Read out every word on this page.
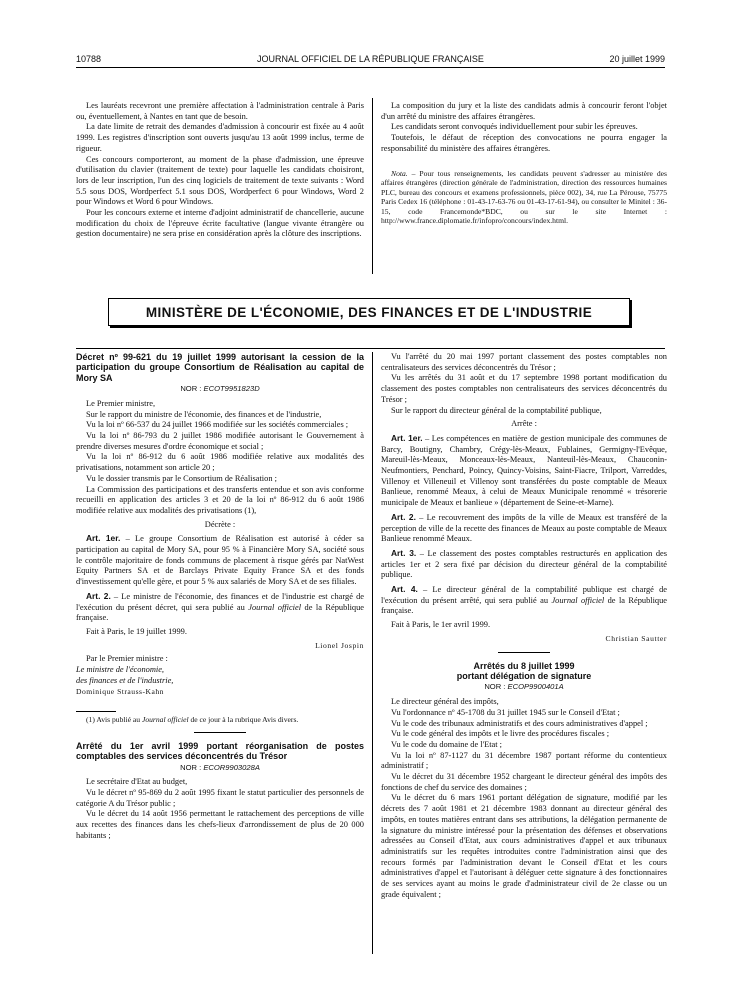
10788	JOURNAL OFFICIEL DE LA RÉPUBLIQUE FRANÇAISE	20 juillet 1999

Les lauréats recevront une première affectation à l'administration centrale à Paris ou, éventuellement, à Nantes en tant que de besoin.

La date limite de retrait des demandes d'admission à concourir est fixée au 4 août 1999. Les registres d'inscription sont ouverts jusqu'au 13 août 1999 inclus, terme de rigueur.

Ces concours comporteront, au moment de la phase d'admission, une épreuve d'utilisation du clavier (traitement de texte) pour laquelle les candidats choisiront, lors de leur inscription, l'un des cinq logiciels de traitement de texte suivants : Word 5.5 sous DOS, Wordperfect 5.1 sous DOS, Wordperfect 6 pour Windows, Word 2 pour Windows et Word 6 pour Windows.

Pour les concours externe et interne d'adjoint administratif de chancellerie, aucune modification du choix de l'épreuve écrite facultative (langue vivante étrangère ou gestion documentaire) ne sera prise en considération après la clôture des inscriptions.

La composition du jury et la liste des candidats admis à concourir feront l'objet d'un arrêté du ministre des affaires étrangères.

Les candidats seront convoqués individuellement pour subir les épreuves.

Toutefois, le défaut de réception des convocations ne pourra engager la responsabilité du ministère des affaires étrangères.

Nota. – Pour tous renseignements, les candidats peuvent s'adresser au ministère des affaires étrangères (direction générale de l'administration, direction des ressources humaines PLC, bureau des concours et examens professionnels, pièce 002), 34, rue La Pérouse, 75775 Paris Cedex 16 (téléphone : 01-43-17-63-76 ou 01-43-17-61-94), ou consulter le Minitel : 36-15, code Francemonde*BDC, ou sur le site Internet : http://www.france.diplomatie.fr/infopro/concours/index.html.

MINISTÈRE DE L'ÉCONOMIE, DES FINANCES ET DE L'INDUSTRIE
Décret nº 99-621 du 19 juillet 1999 autorisant la cession de la participation du groupe Consortium de Réalisation au capital de Mory SA
NOR : ECOT9951823D

Le Premier ministre,

Sur le rapport du ministre de l'économie, des finances et de l'industrie,

Vu la loi nº 66-537 du 24 juillet 1966 modifiée sur les sociétés commerciales ;

Vu la loi nº 86-793 du 2 juillet 1986 modifiée autorisant le Gouvernement à prendre diverses mesures d'ordre économique et social ;

Vu la loi nº 86-912 du 6 août 1986 modifiée relative aux modalités des privatisations, notamment son article 20 ;

Vu le dossier transmis par le Consortium de Réalisation ;

La Commission des participations et des transferts entendue et son avis conforme recueilli en application des articles 3 et 20 de la loi nº 86-912 du 6 août 1986 modifiée relative aux modalités des privatisations (1),

Décrète :

Art. 1er. – Le groupe Consortium de Réalisation est autorisé à céder sa participation au capital de Mory SA, pour 95 % à Financière Mory SA, société sous le contrôle majoritaire de fonds communs de placement à risque gérés par NatWest Equity Partners SA et de Barclays Private Equity France SA et des fonds d'investissement qu'elle gère, et pour 5 % aux salariés de Mory SA et de ses filiales.

Art. 2. – Le ministre de l'économie, des finances et de l'industrie est chargé de l'exécution du présent décret, qui sera publié au Journal officiel de la République française.

Fait à Paris, le 19 juillet 1999.

Lionel Jospin

Par le Premier ministre :

Le ministre de l'économie,

des finances et de l'industrie,

Dominique Strauss-Kahn

(1) Avis publié au Journal officiel de ce jour à la rubrique Avis divers.

Arrêté du 1er avril 1999 portant réorganisation de postes comptables des services déconcentrés du Trésor
NOR : ECOR9903028A

Le secrétaire d'Etat au budget,

Vu le décret nº 95-869 du 2 août 1995 fixant le statut particulier des personnels de catégorie A du Trésor public ;

Vu le décret du 14 août 1956 permettant le rattachement des perceptions de ville aux recettes des finances dans les chefs-lieux d'arrondissement de plus de 20 000 habitants ;

Vu l'arrêté du 20 mai 1997 portant classement des postes comptables non centralisateurs des services déconcentrés du Trésor ;

Vu les arrêtés du 31 août et du 17 septembre 1998 portant modification du classement des postes comptables non centralisateurs des services déconcentrés du Trésor ;

Sur le rapport du directeur général de la comptabilité publique,

Arrête :

Art. 1er. – Les compétences en matière de gestion municipale des communes de Barcy, Boutigny, Chambry, Crégy-lès-Meaux, Fublaines, Germigny-l'Evêque, Mareuil-lès-Meaux, Monceaux-lès-Meaux, Nanteuil-lès-Meaux, Chauconin-Neufmontiers, Penchard, Poincy, Quincy-Voisins, Saint-Fiacre, Trilport, Varreddes, Villenoy et Villeneuil et Villenoy sont transférées du poste comptable de Meaux Banlieue, renommé Meaux, à celui de Meaux Municipale renommé « trésorerie municipale de Meaux et banlieue » (département de Seine-et-Marne).

Art. 2. – Le recouvrement des impôts de la ville de Meaux est transféré de la perception de ville de la recette des finances de Meaux au poste comptable de Meaux Banlieue renommé Meaux.

Art. 3. – Le classement des postes comptables restructurés en application des articles 1er et 2 sera fixé par décision du directeur général de la comptabilité publique.

Art. 4. – Le directeur général de la comptabilité publique est chargé de l'exécution du présent arrêté, qui sera publié au Journal officiel de la République française.

Fait à Paris, le 1er avril 1999.

Christian Sautter

Arrêtés du 8 juillet 1999
portant délégation de signature
NOR : ECOP9900401A

Le directeur général des impôts,

Vu l'ordonnance nº 45-1708 du 31 juillet 1945 sur le Conseil d'Etat ;

Vu le code des tribunaux administratifs et des cours administratives d'appel ;

Vu le code général des impôts et le livre des procédures fiscales ;

Vu le code du domaine de l'Etat ;

Vu la loi nº 87-1127 du 31 décembre 1987 portant réforme du contentieux administratif ;

Vu le décret du 31 décembre 1952 chargeant le directeur général des impôts des fonctions de chef du service des domaines ;

Vu le décret du 6 mars 1961 portant délégation de signature, modifié par les décrets des 7 août 1981 et 21 décembre 1983 donnant au directeur général des impôts, en toutes matières entrant dans ses attributions, la délégation permanente de la signature du ministre intéressé pour la présentation des défenses et observations adressées au Conseil d'Etat, aux cours administratives d'appel et aux tribunaux administratifs sur les requêtes introduites contre l'administration ainsi que des recours formés par l'administration devant le Conseil d'Etat et les cours administratives d'appel et l'autorisant à déléguer cette signature à des fonctionnaires de ses services ayant au moins le grade d'administrateur civil de 2e classe ou un grade équivalent ;
